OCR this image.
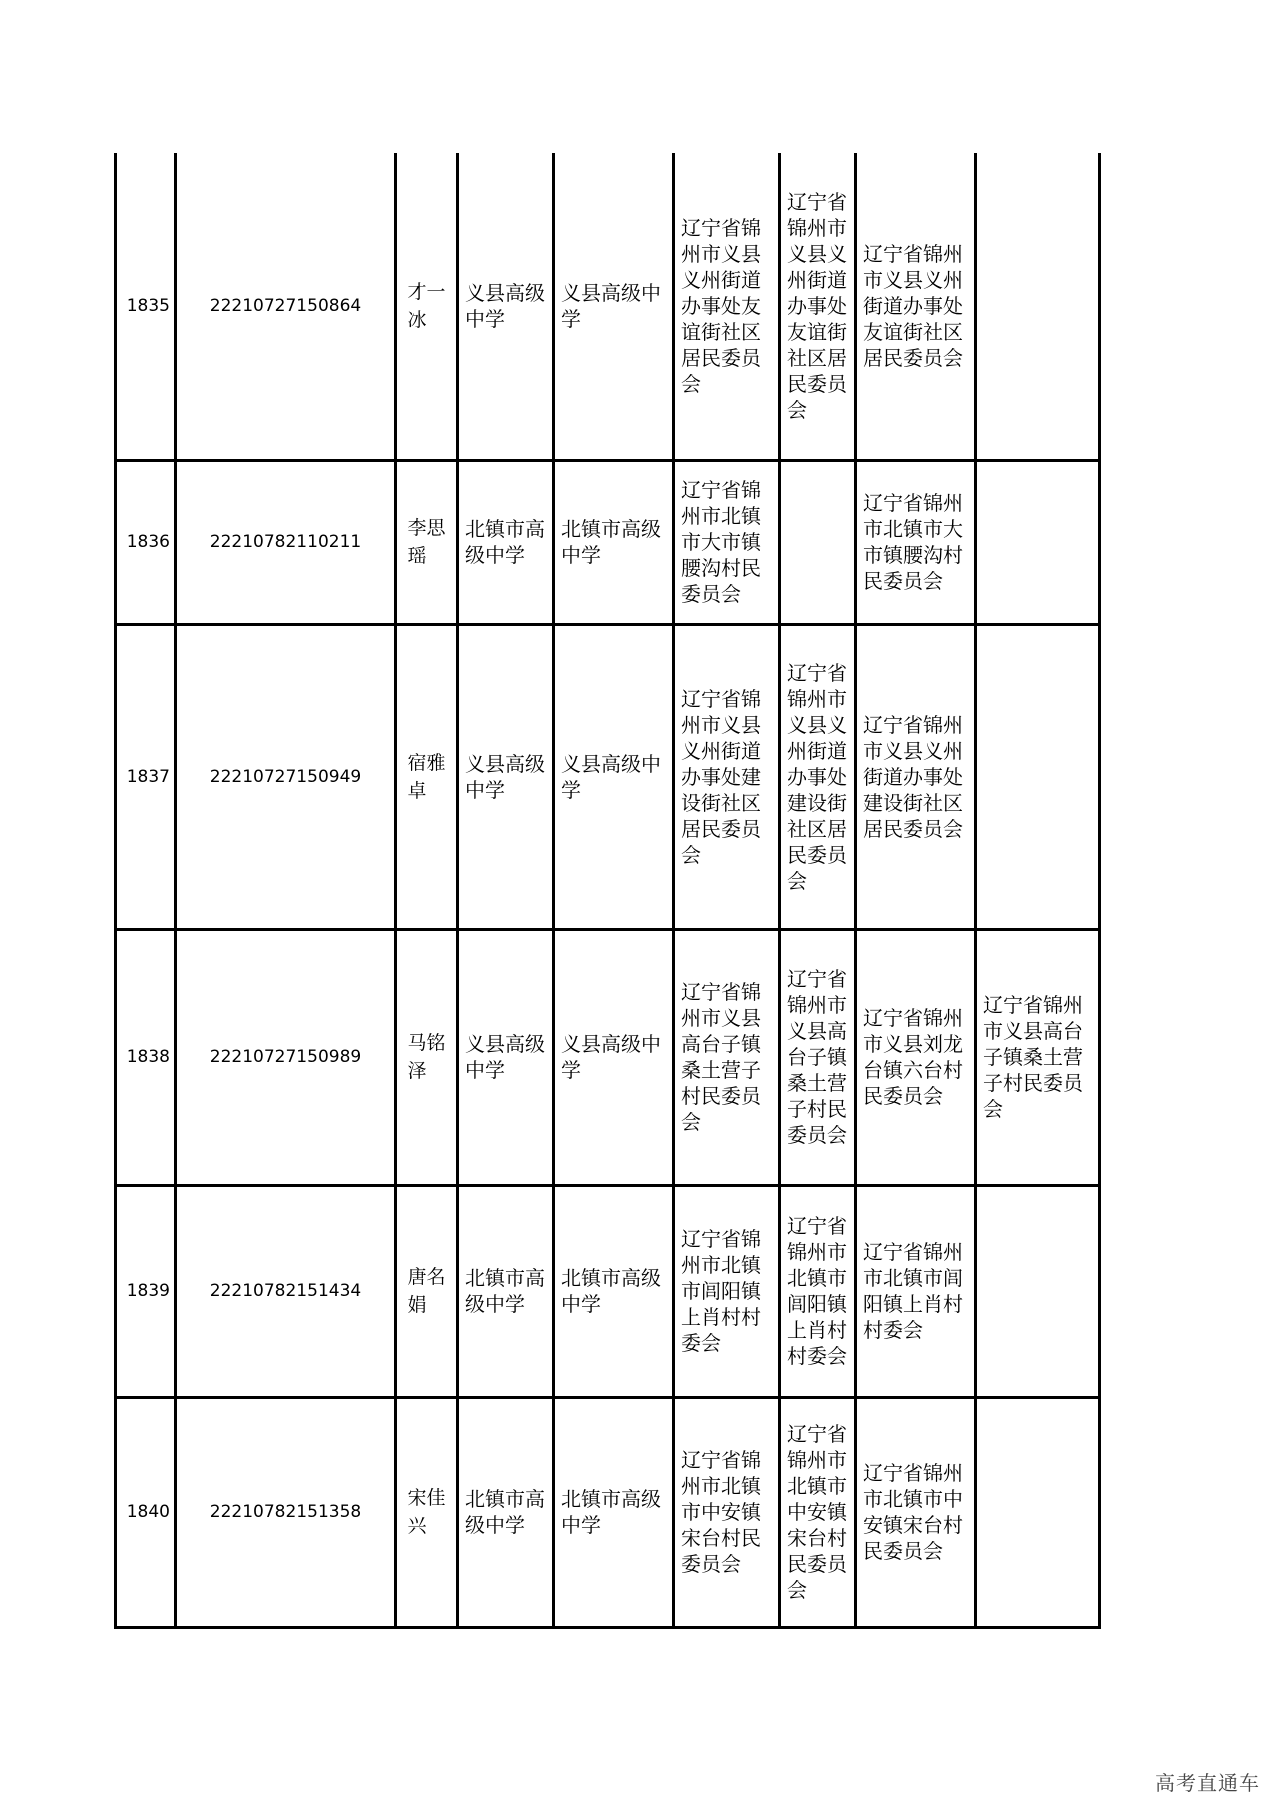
1835	22210727150864	才一冰	义县高级中学	义县高级中学	辽宁省锦州市义县义州街道办事处友谊街社区居民委员会	辽宁省锦州市义县义州街道办事处友谊街社区居民委员会	辽宁省锦州市义县义州街道办事处友谊街社区居民委员会	
1836	22210782110211	李思瑶	北镇市高级中学	北镇市高级中学	辽宁省锦州市北镇市大市镇腰沟村民委员会		辽宁省锦州市北镇市大市镇腰沟村民委员会	
1837	22210727150949	宿雅卓	义县高级中学	义县高级中学	辽宁省锦州市义县义州街道办事处建设街社区居民委员会	辽宁省锦州市义县义州街道办事处建设街社区居民委员会	辽宁省锦州市义县义州街道办事处建设街社区居民委员会	
1838	22210727150989	马铭泽	义县高级中学	义县高级中学	辽宁省锦州市义县高台子镇桑土营子村民委员会	辽宁省锦州市义县高台子镇桑土营子村民委员会	辽宁省锦州市义县刘龙台镇六台村民委员会	辽宁省锦州市义县高台子镇桑土营子村民委员会
1839	22210782151434	唐名娟	北镇市高级中学	北镇市高级中学	辽宁省锦州市北镇市闾阳镇上肖村村委会	辽宁省锦州市北镇市闾阳镇上肖村村委会	辽宁省锦州市北镇市闾阳镇上肖村村委会	
1840	22210782151358	宋佳兴	北镇市高级中学	北镇市高级中学	辽宁省锦州市北镇市中安镇宋台村民委员会	辽宁省锦州市北镇市中安镇宋台村民委员会	辽宁省锦州市北镇市中安镇宋台村民委员会	
高考直通车
